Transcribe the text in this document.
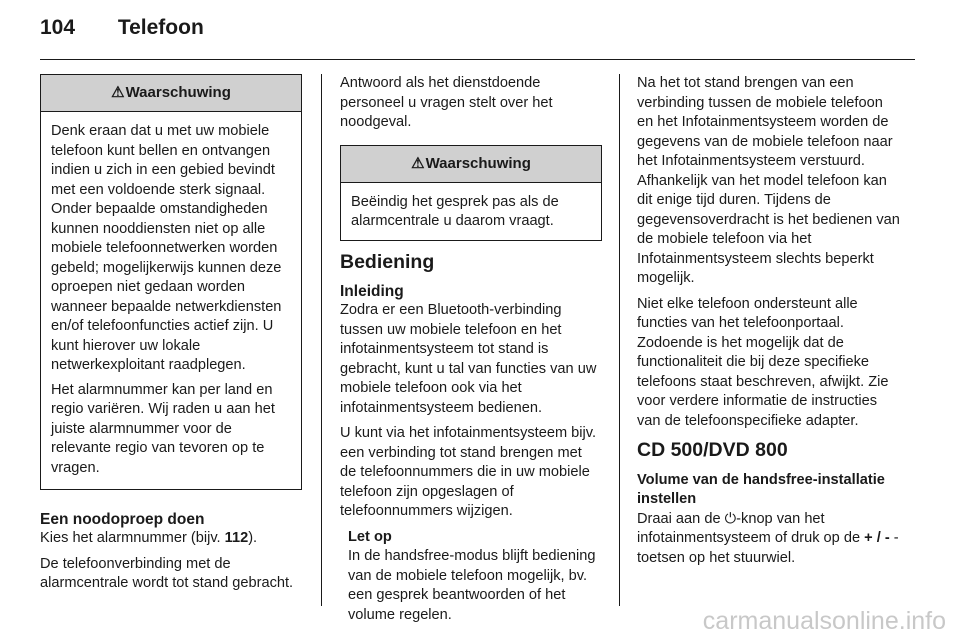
104 Telefoon
⚠Waarschuwing

Denk eraan dat u met uw mobiele telefoon kunt bellen en ontvangen indien u zich in een gebied bevindt met een voldoende sterk signaal. Onder bepaalde omstandigheden kunnen nooddiensten niet op alle mobiele telefoonnetwerken worden gebeld; mogelijkerwijs kunnen deze oproepen niet gedaan worden wanneer bepaalde netwerkdiensten en/of telefoonfuncties actief zijn. U kunt hierover uw lokale netwerkexploitant raadplegen.

Het alarmnummer kan per land en regio variëren. Wij raden u aan het juiste alarmnummer voor de relevante regio van tevoren op te vragen.

Een noodoproep doen

Kies het alarmnummer (bijv. 112).

De telefoonverbinding met de alarmcentrale wordt tot stand gebracht.

Antwoord als het dienstdoende personeel u vragen stelt over het noodgeval.

⚠Waarschuwing

Beëindig het gesprek pas als de alarmcentrale u daarom vraagt.

Bediening
Inleiding

Zodra er een Bluetooth-verbinding tussen uw mobiele telefoon en het infotainmentsysteem tot stand is gebracht, kunt u tal van functies van uw mobiele telefoon ook via het infotainmentsysteem bedienen.

U kunt via het infotainmentsysteem bijv. een verbinding tot stand brengen met de telefoonnummers die in uw mobiele telefoon zijn opgeslagen of telefoonnummers wijzigen.

Let op

In de handsfree-modus blijft bediening van de mobiele telefoon mogelijk, bv. een gesprek beantwoorden of het volume regelen.

Na het tot stand brengen van een verbinding tussen de mobiele telefoon en het Infotainmentsysteem worden de gegevens van de mobiele telefoon naar het Infotainmentsysteem verstuurd. Afhankelijk van het model telefoon kan dit enige tijd duren. Tijdens de gegevensoverdracht is het bedienen van de mobiele telefoon via het Infotainmentsysteem slechts beperkt mogelijk.

Niet elke telefoon ondersteunt alle functies van het telefoonportaal. Zodoende is het mogelijk dat de functionaliteit die bij deze specifieke telefoons staat beschreven, afwijkt. Zie voor verdere informatie de instructies van de telefoonspecifieke adapter.

CD 500/DVD 800
Volume van de handsfree-installatie instellen

Draai aan de ⏻-knop van het infotainmentsysteem of druk op de + / - -toetsen op het stuurwiel.

carmanualsonline.info
